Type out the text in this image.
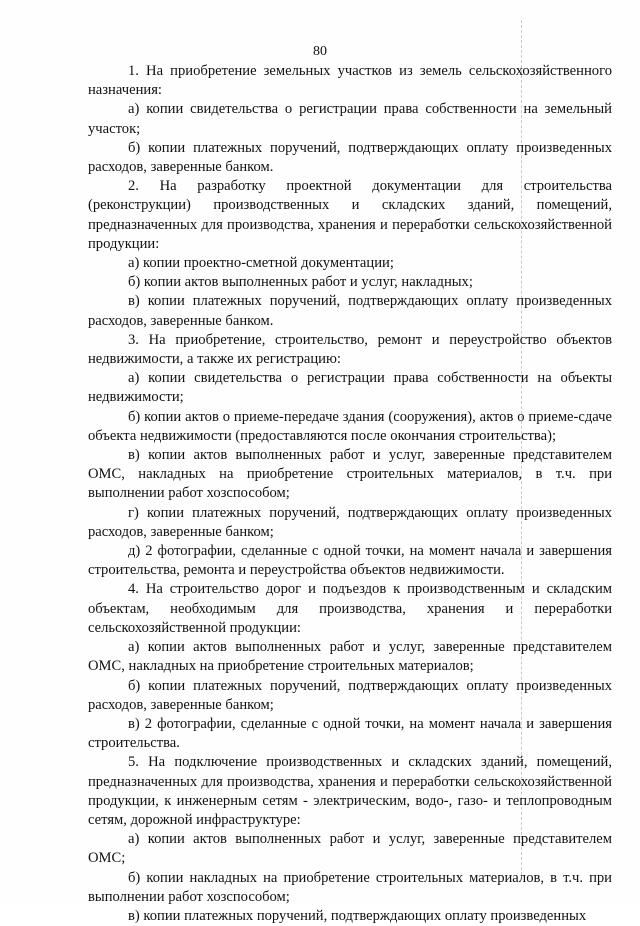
80

1. На приобретение земельных участков из земель сельскохозяйственного назначения:

а) копии свидетельства о регистрации права собственности на земельный участок;

б) копии платежных поручений, подтверждающих оплату произведенных расходов, заверенные банком.

2. На разработку проектной документации для строительства (реконструкции) производственных и складских зданий, помещений, предназначенных для производства, хранения и переработки сельскохозяйственной продукции:

а) копии проектно-сметной документации;

б) копии актов выполненных работ и услуг, накладных;

в) копии платежных поручений, подтверждающих оплату произведенных расходов, заверенные банком.

3. На приобретение, строительство, ремонт и переустройство объектов недвижимости, а также их регистрацию:

а) копии свидетельства о регистрации права собственности на объекты недвижимости;

б) копии актов о приеме-передаче здания (сооружения), актов о приеме-сдаче объекта недвижимости (предоставляются после окончания строительства);

в) копии актов выполненных работ и услуг, заверенные представителем ОМС, накладных на приобретение строительных материалов, в т.ч. при выполнении работ хозспособом;

г) копии платежных поручений, подтверждающих оплату произведенных расходов, заверенные банком;

д) 2 фотографии, сделанные с одной точки, на момент начала и завершения строительства, ремонта и переустройства объектов недвижимости.

4. На строительство дорог и подъездов к производственным и складским объектам, необходимым для производства, хранения и переработки сельскохозяйственной продукции:

а) копии актов выполненных работ и услуг, заверенные представителем ОМС, накладных на приобретение строительных материалов;

б) копии платежных поручений, подтверждающих оплату произведенных расходов, заверенные банком;

в) 2 фотографии, сделанные с одной точки, на момент начала и завершения строительства.

5. На подключение производственных и складских зданий, помещений, предназначенных для производства, хранения и переработки сельскохозяйственной продукции, к инженерным сетям - электрическим, водо-, газо- и теплопроводным сетям, дорожной инфраструктуре:

а) копии актов выполненных работ и услуг, заверенные представителем ОМС;

б) копии накладных на приобретение строительных материалов, в т.ч. при выполнении работ хозспособом;

в) копии платежных поручений, подтверждающих оплату произведенных
